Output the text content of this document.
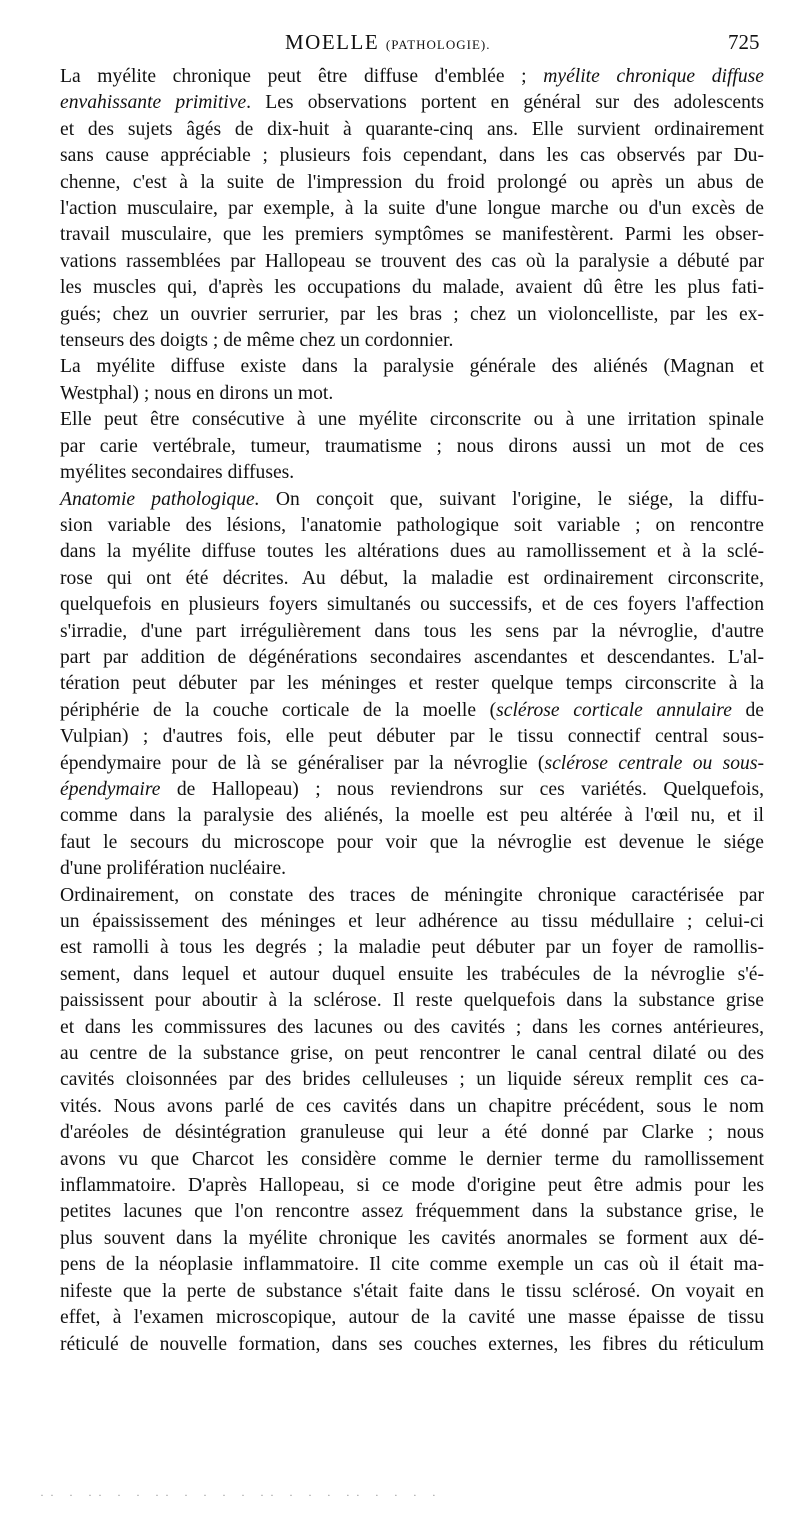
MOELLE (PATHOLOGIE).	725

La myélite chronique peut être diffuse d'emblée ; myélite chronique diffuse
envahissante primitive. Les observations portent en général sur des adolescents
et des sujets âgés de dix-huit à quarante-cinq ans. Elle survient ordinairement
sans cause appréciable ; plusieurs fois cependant, dans les cas observés par Du-
chenne, c'est à la suite de l'impression du froid prolongé ou après un abus de
l'action musculaire, par exemple, à la suite d'une longue marche ou d'un excès de
travail musculaire, que les premiers symptômes se manifestèrent. Parmi les obser-
vations rassemblées par Hallopeau se trouvent des cas où la paralysie a débuté par
les muscles qui, d'après les occupations du malade, avaient dû être les plus fati-
gués; chez un ouvrier serrurier, par les bras ; chez un violoncelliste, par les ex-
tenseurs des doigts ; de même chez un cordonnier.

La myélite diffuse existe dans la paralysie générale des aliénés (Magnan et
Westphal) ; nous en dirons un mot.

Elle peut être consécutive à une myélite circonscrite ou à une irritation spinale
par carie vertébrale, tumeur, traumatisme ; nous dirons aussi un mot de ces
myélites secondaires diffuses.

Anatomie pathologique. On conçoit que, suivant l'origine, le siége, la diffu-
sion variable des lésions, l'anatomie pathologique soit variable ; on rencontre
dans la myélite diffuse toutes les altérations dues au ramollissement et à la sclé-
rose qui ont été décrites. Au début, la maladie est ordinairement circonscrite,
quelquefois en plusieurs foyers simultanés ou successifs, et de ces foyers l'affection
s'irradie, d'une part irrégulièrement dans tous les sens par la névroglie, d'autre
part par addition de dégénérations secondaires ascendantes et descendantes. L'al-
tération peut débuter par les méninges et rester quelque temps circonscrite à la
périphérie de la couche corticale de la moelle (sclérose corticale annulaire de
Vulpian) ; d'autres fois, elle peut débuter par le tissu connectif central sous-
épendymaire pour de là se généraliser par la névroglie (sclérose centrale ou sous-
épendymaire de Hallopeau) ; nous reviendrons sur ces variétés. Quelquefois,
comme dans la paralysie des aliénés, la moelle est peu altérée à l'œil nu, et il
faut le secours du microscope pour voir que la névroglie est devenue le siége
d'une prolifération nucléaire.

Ordinairement, on constate des traces de méningite chronique caractérisée par
un épaississement des méninges et leur adhérence au tissu médullaire ; celui-ci
est ramolli à tous les degrés ; la maladie peut débuter par un foyer de ramollis-
sement, dans lequel et autour duquel ensuite les trabécules de la névroglie s'é-
paississent pour aboutir à la sclérose. Il reste quelquefois dans la substance grise
et dans les commissures des lacunes ou des cavités ; dans les cornes antérieures,
au centre de la substance grise, on peut rencontrer le canal central dilaté ou des
cavités cloisonnées par des brides celluleuses ; un liquide séreux remplit ces ca-
vités. Nous avons parlé de ces cavités dans un chapitre précédent, sous le nom
d'aréoles de désintégration granuleuse qui leur a été donné par Clarke ; nous
avons vu que Charcot les considère comme le dernier terme du ramollissement
inflammatoire. D'après Hallopeau, si ce mode d'origine peut être admis pour les
petites lacunes que l'on rencontre assez fréquemment dans la substance grise, le
plus souvent dans la myélite chronique les cavités anormales se forment aux dé-
pens de la néoplasie inflammatoire. Il cite comme exemple un cas où il était ma-
nifeste que la perte de substance s'était faite dans le tissu sclérosé. On voyait en
effet, à l'examen microscopique, autour de la cavité une masse épaisse de tissu
réticulé de nouvelle formation, dans ses couches externes, les fibres du réticulum

·· · ·· · · ·· · · · · ·· · · · ·· · · · ·
